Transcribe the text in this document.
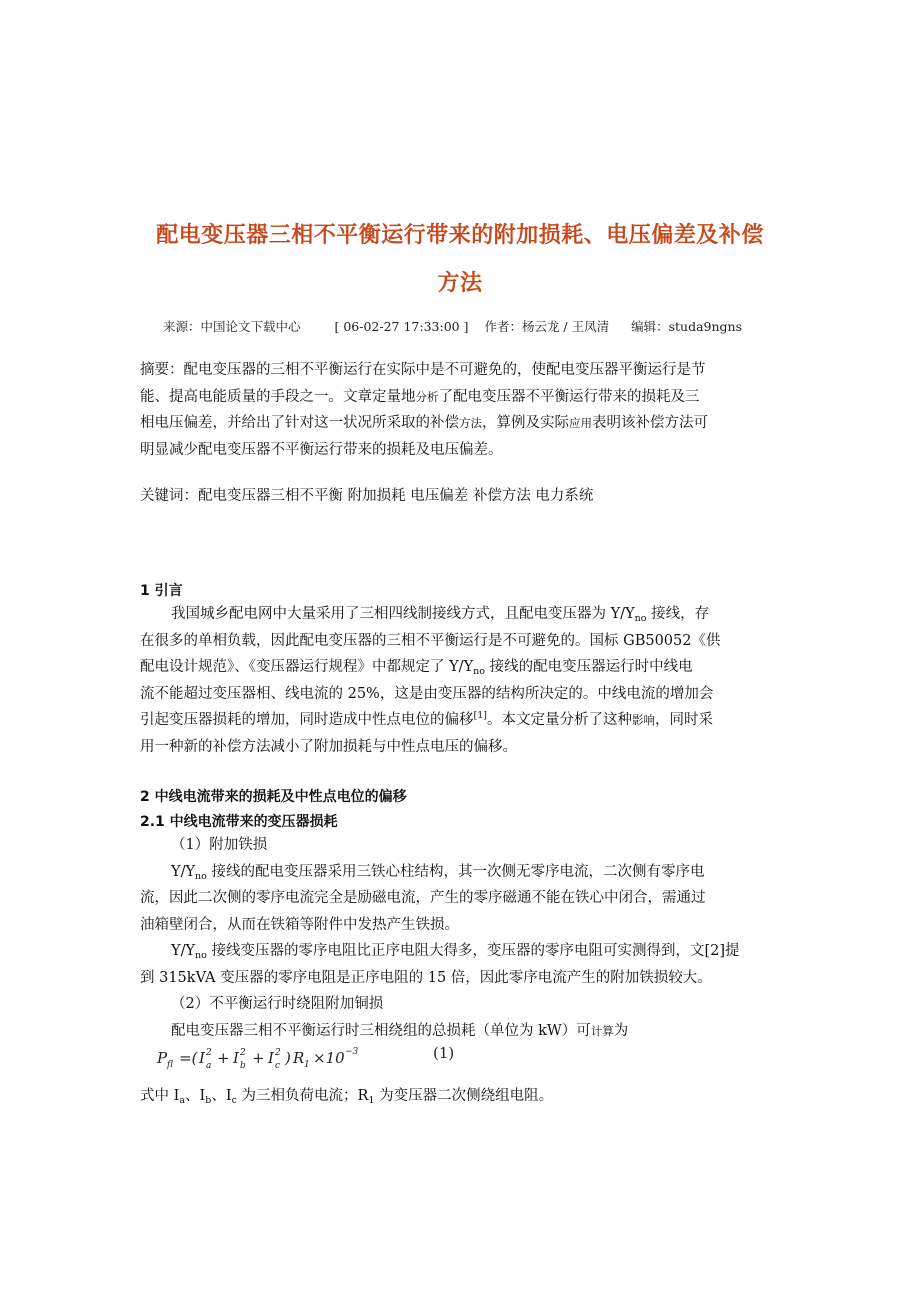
配电变压器三相不平衡运行带来的附加损耗、电压偏差及补偿
方法
来源：中国论文下载中心	[ 06-02-27 17:33:00 ] 作者：杨云龙 / 王凤清 编辑：studa9ngns
摘要：配电变压器的三相不平衡运行在实际中是不可避免的，使配电变压器平衡运行是节
能、提高电能质量的手段之一。文章定量地分析了配电变压器不平衡运行带来的损耗及三
相电压偏差，并给出了针对这一状况所采取的补偿方法，算例及实际应用表明该补偿方法可
明显减少配电变压器不平衡运行带来的损耗及电压偏差。
关键词：配电变压器三相不平衡 附加损耗 电压偏差 补偿方法 电力系统
1 引言
我国城乡配电网中大量采用了三相四线制接线方式，且配电变压器为 $Y/Y_{no}$ 接线，存
在很多的单相负载，因此配电变压器的三相不平衡运行是不可避免的。国标 GB50052《供
配电设计规范》、《变压器运行规程》中都规定了 $Y/Y_{no}$ 接线的配电变压器运行时中线电
流不能超过变压器相、线电流的 25%，这是由变压器的结构所决定的。中线电流的增加会
引起变压器损耗的增加，同时造成中性点电位的偏移[1]。本文定量分析了这种影响，同时采
用一种新的补偿方法减小了附加损耗与中性点电压的偏移。
2 中线电流带来的损耗及中性点电位的偏移
2.1 中线电流带来的变压器损耗
（1）附加铁损
$Y/Y_{no}$ 接线的配电变压器采用三铁心柱结构，其一次侧无零序电流，二次侧有零序电
流，因此二次侧的零序电流完全是励磁电流，产生的零序磁通不能在铁心中闭合，需通过
油箱壁闭合，从而在铁箱等附件中发热产生铁损。
$Y/Y_{no}$ 接线变压器的零序电阻比正序电阻大得多，变压器的零序电阻可实测得到，文[2]提
到 315kVA 变压器的零序电阻是正序电阻的 15 倍，因此零序电流产生的附加铁损较大。
（2）不平衡运行时绕阻附加铜损
配电变压器三相不平衡运行时三相绕组的总损耗（单位为 kW）可计算为
P fl =( I 2
a + I 2
b + I 2
c ) R 1 ×10 −3	(1)
式中 $I_a$、$I_b$、$I_c$ 为三相负荷电流；$R_1$ 为变压器二次侧绕组电阻。
